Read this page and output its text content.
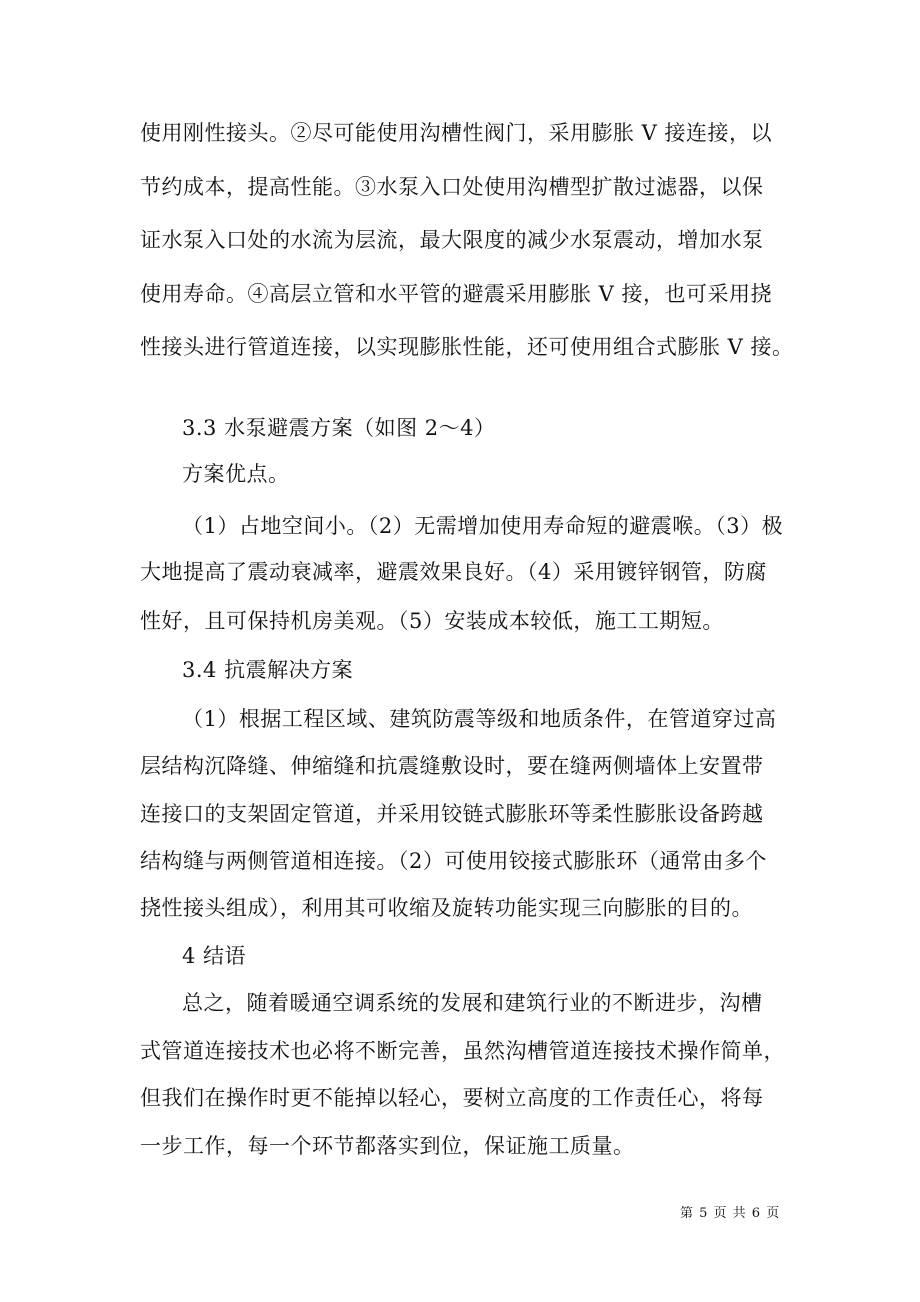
使用刚性接头。②尽可能使用沟槽性阀门，采用膨胀 V 接连接，以
节约成本，提高性能。③水泵入口处使用沟槽型扩散过滤器，以保
证水泵入口处的水流为层流，最大限度的减少水泵震动，增加水泵
使用寿命。④高层立管和水平管的避震采用膨胀 V 接，也可采用挠
性接头进行管道连接，以实现膨胀性能，还可使用组合式膨胀 V 接。
3.3 水泵避震方案（如图 2～4）
方案优点。
（1）占地空间小。（2）无需增加使用寿命短的避震喉。（3）极
大地提高了震动衰减率，避震效果良好。（4）采用镀锌钢管，防腐
性好，且可保持机房美观。（5）安装成本较低，施工工期短。
3.4 抗震解决方案
（1）根据工程区域、建筑防震等级和地质条件，在管道穿过高
层结构沉降缝、伸缩缝和抗震缝敷设时，要在缝两侧墙体上安置带
连接口的支架固定管道，并采用铰链式膨胀环等柔性膨胀设备跨越
结构缝与两侧管道相连接。（2）可使用铰接式膨胀环（通常由多个
挠性接头组成），利用其可收缩及旋转功能实现三向膨胀的目的。
4 结语
总之，随着暖通空调系统的发展和建筑行业的不断进步，沟槽
式管道连接技术也必将不断完善，虽然沟槽管道连接技术操作简单，
但我们在操作时更不能掉以轻心，要树立高度的工作责任心，将每
一步工作，每一个环节都落实到位，保证施工质量。
第 5 页 共 6 页
